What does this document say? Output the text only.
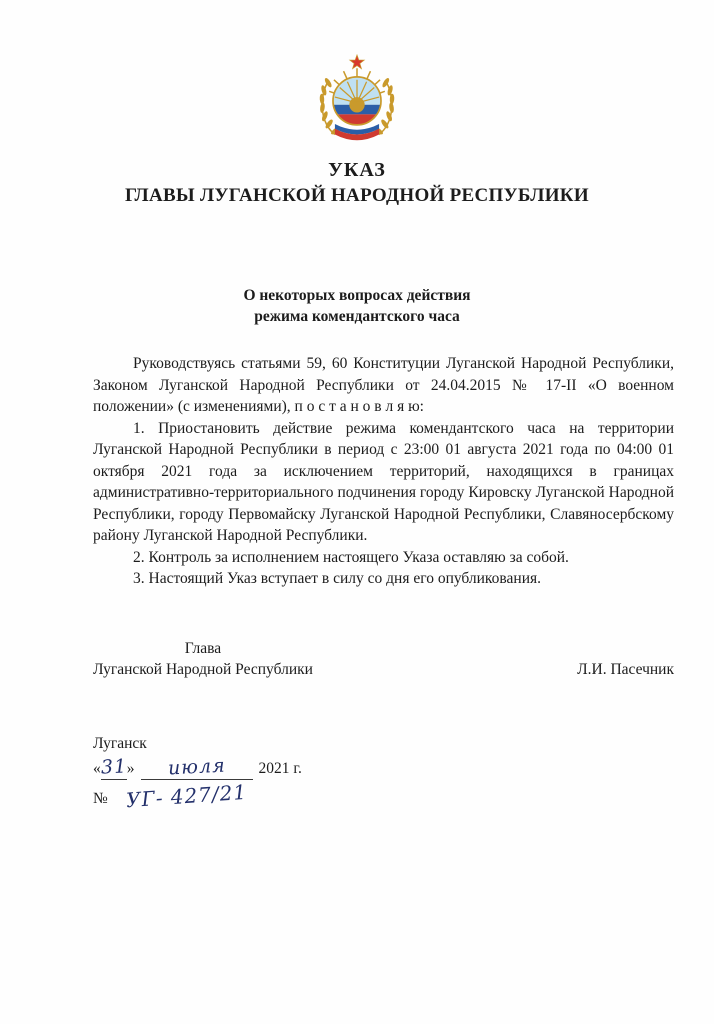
УКАЗ
ГЛАВЫ ЛУГАНСКОЙ НАРОДНОЙ РЕСПУБЛИКИ
О некоторых вопросах действия
режима комендантского часа

Руководствуясь статьями 59, 60 Конституции Луганской Народной Республики, Законом Луганской Народной Республики от 24.04.2015 № 17-II «О военном положении» (с изменениями), п о с т а н о в л я ю:

1. Приостановить действие режима комендантского часа на территории Луганской Народной Республики в период с 23:00 01 августа 2021 года по 04:00 01 октября 2021 года за исключением территорий, находящихся в границах административно-территориального подчинения городу Кировску Луганской Народной Республики, городу Первомайску Луганской Народной Республики, Славяносербскому району Луганской Народной Республики.

2. Контроль за исполнением настоящего Указа оставляю за собой.

3. Настоящий Указ вступает в силу со дня его опубликования.

Глава
Луганской Народной Республики	Л.И. Пасечник
Луганск
«31» июля 2021 г.
№ УГ- 427/21
